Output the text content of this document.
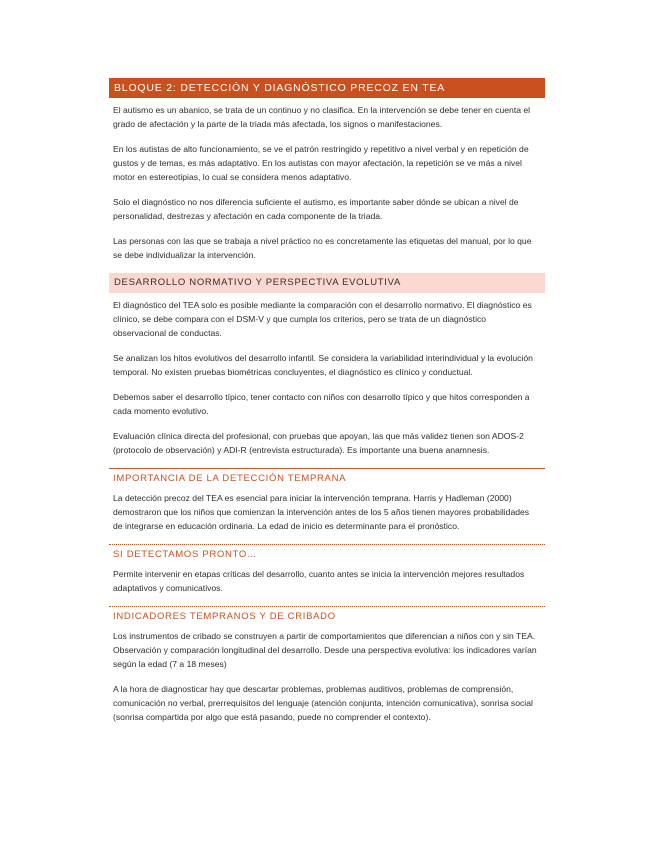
BLOQUE 2: DETECCIÓN Y DIAGNÓSTICO PRECOZ EN TEA

El autismo es un abanico, se trata de un continuo y no clasifica. En la intervención se debe tener en cuenta el grado de afectación y la parte de la triada más afectada, los signos o manifestaciones.

En los autistas de alto funcionamiento, se ve el patrón restringido y repetitivo a nivel verbal y en repetición de gustos y de temas, es más adaptativo. En los autistas con mayor afectación, la repetición se ve más a nivel motor en estereotipias, lo cual se considera menos adaptativo.

Solo el diagnóstico no nos diferencia suficiente el autismo, es importante saber dónde se ubican a nivel de personalidad, destrezas y afectación en cada componente de la triada.

Las personas con las que se trabaja a nivel práctico no es concretamente las etiquetas del manual, por lo que se debe individualizar la intervención.

DESARROLLO NORMATIVO Y PERSPECTIVA EVOLUTIVA

El diagnóstico del TEA solo es posible mediante la comparación con el desarrollo normativo. El diagnóstico es clínico, se debe compara con el DSM-V y que cumpla los criterios, pero se trata de un diagnóstico observacional de conductas.

Se analizan los hitos evolutivos del desarrollo infantil. Se considera la variabilidad interindividual y la evolución temporal. No existen pruebas biométricas concluyentes, el diagnóstico es clínico y conductual.

Debemos saber el desarrollo típico, tener contacto con niños con desarrollo típico y que hitos corresponden a cada momento evolutivo.

Evaluación clínica directa del profesional, con pruebas que apoyan, las que más validez tienen son ADOS-2 (protocolo de observación) y ADI-R (entrevista estructurada). Es importante una buena anamnesis.

IMPORTANCIA DE LA DETECCIÓN TEMPRANA

La detección precoz del TEA es esencial para iniciar la intervención temprana. Harris y Hadleman (2000) demostraron que los niños que comienzan la intervención antes de los 5 años tienen mayores probabilidades de integrarse en educación ordinaria. La edad de inicio es determinante para el pronóstico.

SI DETECTAMOS PRONTO…

Permite intervenir en etapas críticas del desarrollo, cuanto antes se inicia la intervención mejores resultados adaptativos y comunicativos.

INDICADORES TEMPRANOS Y DE CRIBADO

Los instrumentos de cribado se construyen a partir de comportamientos que diferencian a niños con y sin TEA. Observación y comparación longitudinal del desarrollo. Desde una perspectiva evolutiva: los indicadores varían según la edad (7 a 18 meses)

A la hora de diagnosticar hay que descartar problemas, problemas auditivos, problemas de comprensión, comunicación no verbal, prerrequisitos del lenguaje (atención conjunta, intención comunicativa), sonrisa social (sonrisa compartida por algo que está pasando, puede no comprender el contexto).
